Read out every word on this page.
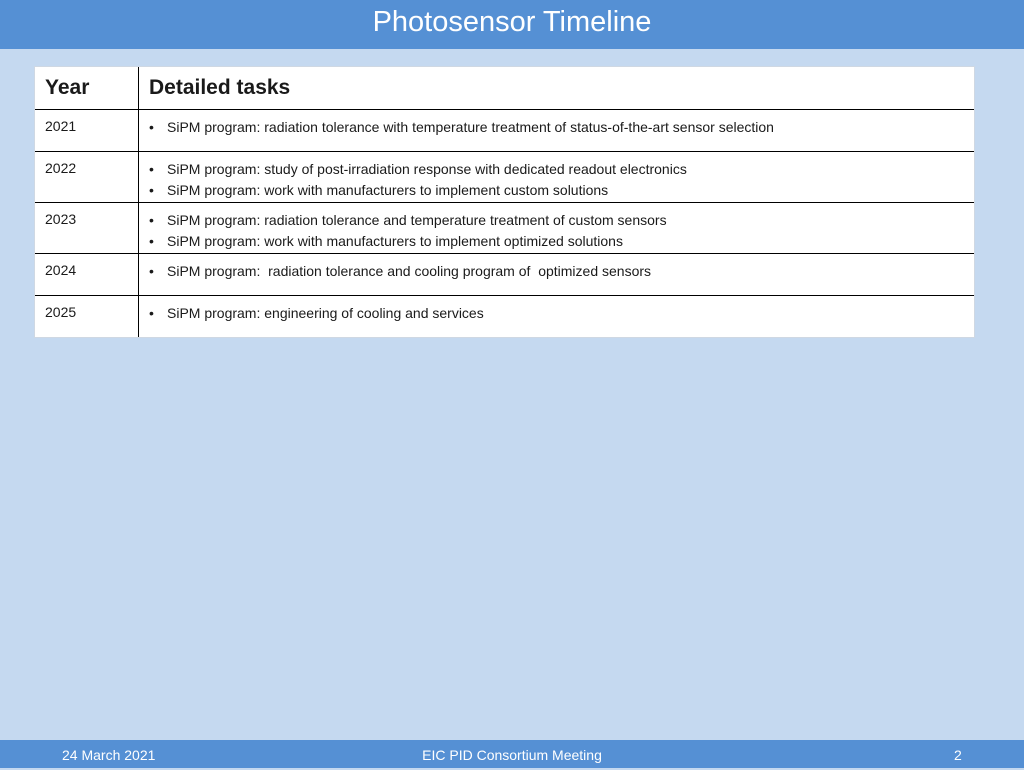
Photosensor Timeline
Year	Detailed tasks
2021	• SiPM program: radiation tolerance with temperature treatment of status-of-the-art sensor selection
2022	• SiPM program: study of post-irradiation response with dedicated readout electronics
• SiPM program: work with manufacturers to implement custom solutions
2023	• SiPM program: radiation tolerance and temperature treatment of custom sensors
• SiPM program: work with manufacturers to implement optimized solutions
2024	• SiPM program:  radiation tolerance and cooling program of  optimized sensors
2025	• SiPM program: engineering of cooling and services
24 March 2021	EIC PID Consortium Meeting	2
